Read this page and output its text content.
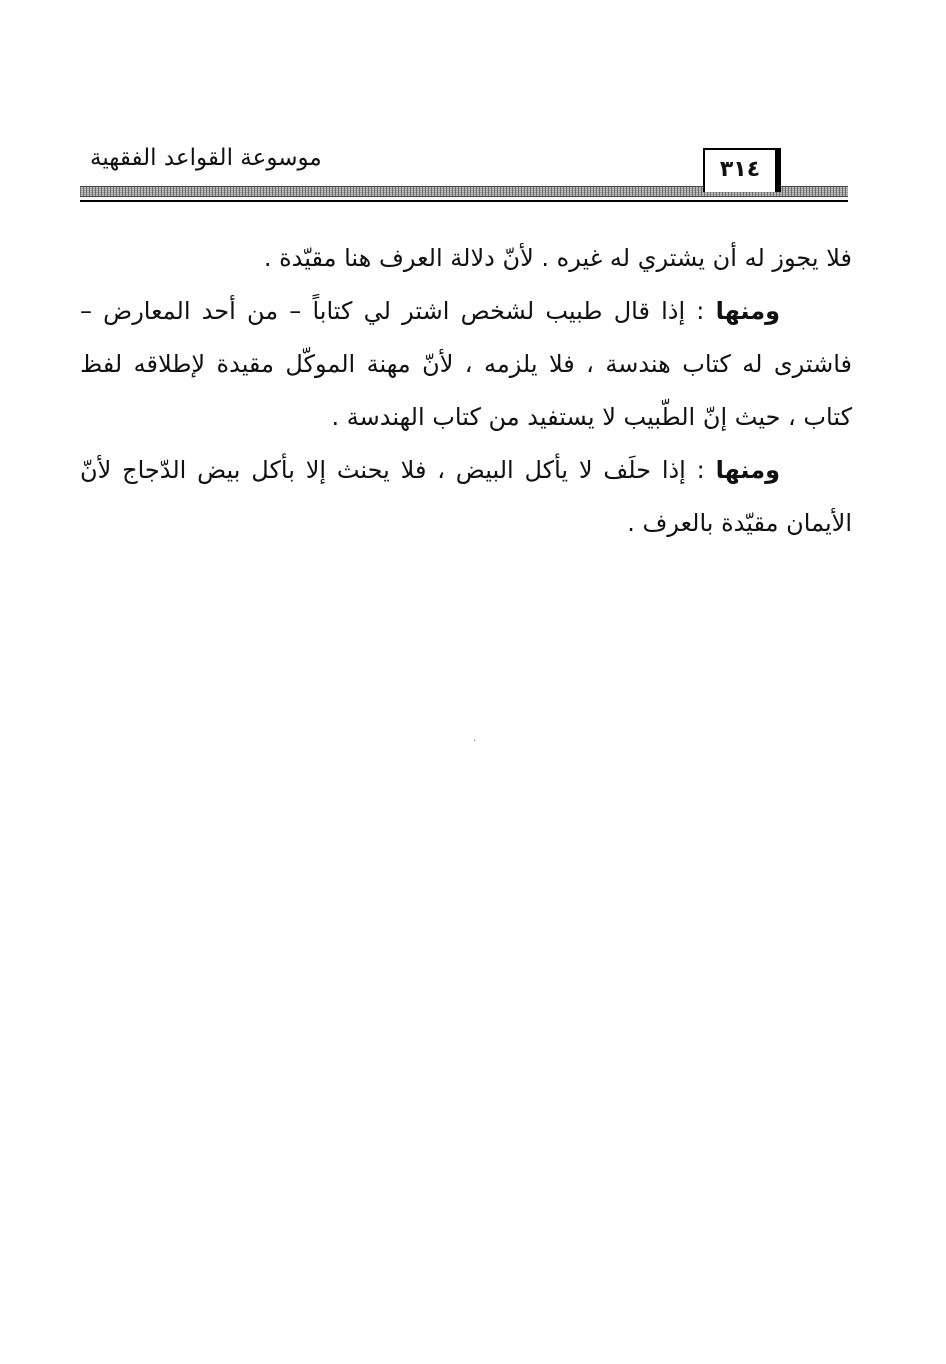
موسوعة القواعد الفقهية	٣١٤

فلا يجوز له أن يشتري له غيره . لأنّ دلالة العرف هنا مقيّدة .

ومنها : إذا قال طبيب لشخص اشتر لي كتاباً – من أحد المعارض – فاشترى له كتاب هندسة ، فلا يلزمه ، لأنّ مهنة الموكّل مقيدة لإطلاقه لفظ كتاب ، حيث إنّ الطّبيب لا يستفيد من كتاب الهندسة .

ومنها : إذا حلَف لا يأكل البيض ، فلا يحنث إلا بأكل بيض الدّجاج لأنّ الأيمان مقيّدة بالعرف .
